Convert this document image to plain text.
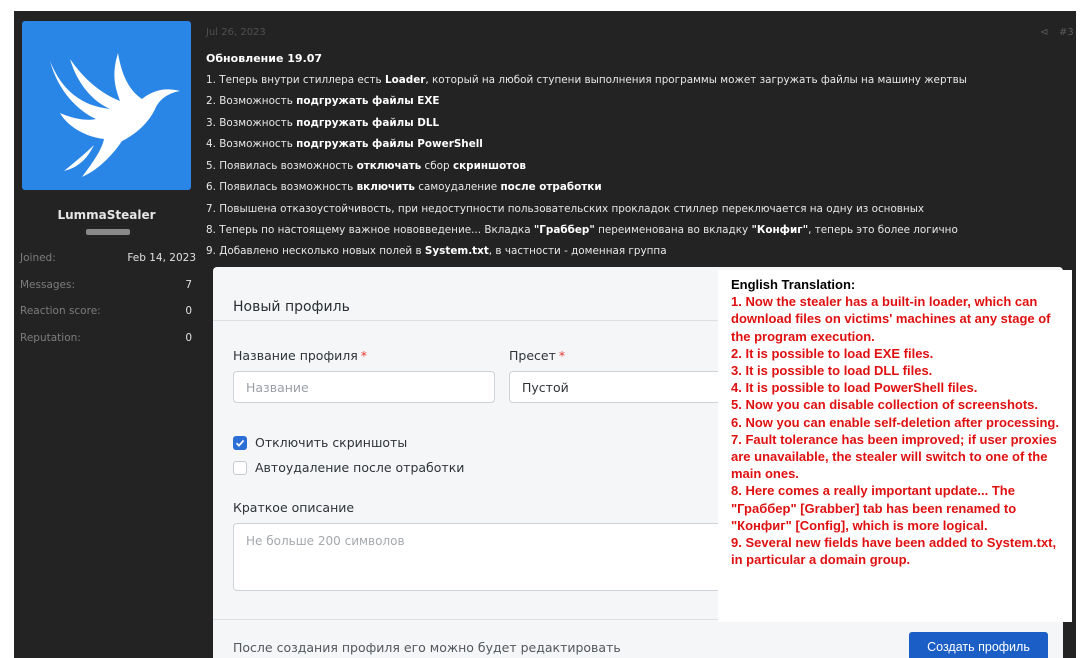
LummaStealer
Joined:	Feb 14, 2023
Messages:	7
Reaction score:	0
Reputation:	0
Jul 26, 2023	⊲ #3
Обновление 19.07
1. Теперь внутри стиллера есть Loader, который на любой ступени выполнения программы может загружать файлы на машину жертвы
2. Возможность подгружать файлы EXE
3. Возможность подгружать файлы DLL
4. Возможность подгружать файлы PowerShell
5. Появилась возможность отключать сбор скриншотов
6. Появилась возможность включить самоудаление после отработки
7. Повышена отказоустойчивость, при недоступности пользовательских прокладок стиллер переключается на одну из основных
8. Теперь по настоящему важное нововведение... Вкладка "Граббер" переименована во вкладку "Конфиг", теперь это более логично
9. Добавлено несколько новых полей в System.txt, в частности - доменная группа
Новый профиль
Название профиля *
Название
Пресет *
Пустой
Отключить скриншоты
Автоудаление после отработки
Краткое описание
Не больше 200 символов
После создания профиля его можно будет редактировать	Создать профиль
English Translation:
1. Now the stealer has a built-in loader, which can download files on victims' machines at any stage of the program execution.
2. It is possible to load EXE files.
3. It is possible to load DLL files.
4. It is possible to load PowerShell files.
5. Now you can disable collection of screenshots.
6. Now you can enable self-deletion after processing.
7. Fault tolerance has been improved; if user proxies are unavailable, the stealer will switch to one of the main ones.
8. Here comes a really important update... The "Граббер" [Grabber] tab has been renamed to "Конфиг" [Config], which is more logical.
9. Several new fields have been added to System.txt, in particular a domain group.
